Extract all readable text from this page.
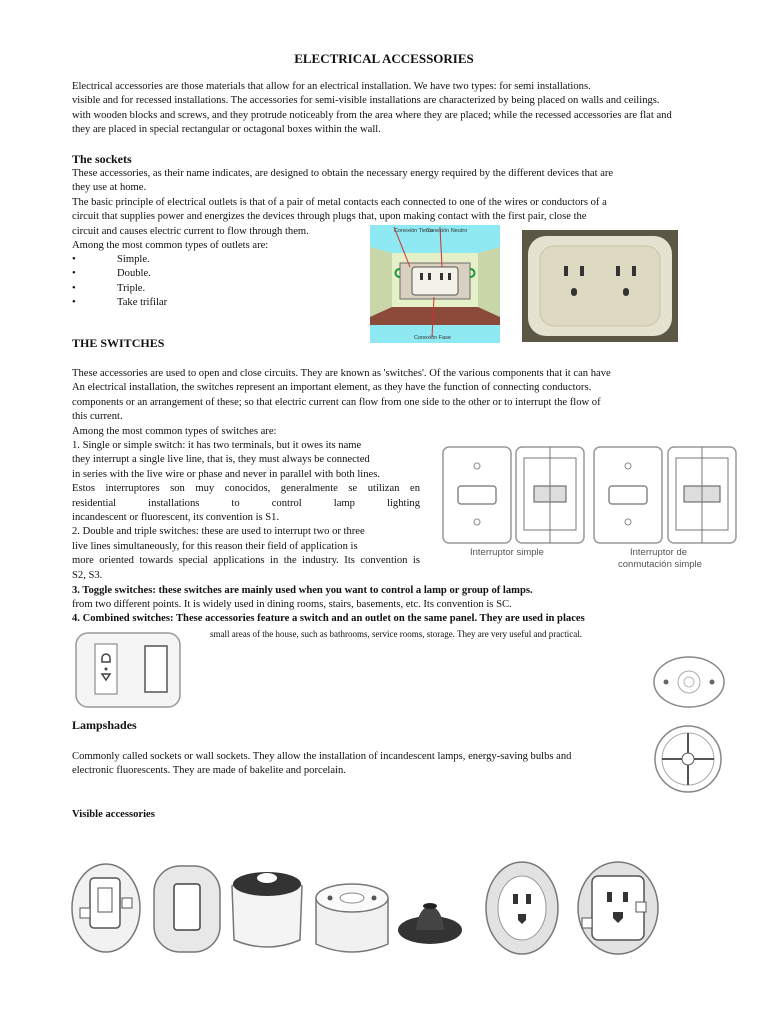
ELECTRICAL ACCESSORIES
Electrical accessories are those materials that allow for an electrical installation. We have two types: for semi installations.
visible and for recessed installations. The accessories for semi-visible installations are characterized by being placed on walls and ceilings.
with wooden blocks and screws, and they protrude noticeably from the area where they are placed; while the recessed accessories are flat and
they are placed in special rectangular or octagonal boxes within the wall.
The sockets
These accessories, as their name indicates, are designed to obtain the necessary energy required by the different devices that are
they use at home.
The basic principle of electrical outlets is that of a pair of metal contacts each connected to one of the wires or conductors of a
circuit that supplies power and energizes the devices through plugs that, upon making contact with the first pair, close the
circuit and causes electric current to flow through them.
Among the most common types of outlets are:
•	Simple.
•	Double.
•	Triple.
•	Take trifilar
Conexión Tierra
Conexión Neutro
Conexión Fase
THE SWITCHES
These accessories are used to open and close circuits. They are known as 'switches'. Of the various components that it can have
An electrical installation, the switches represent an important element, as they have the function of connecting conductors.
components or an arrangement of these; so that electric current can flow from one side to the other or to interrupt the flow of
this current.
Among the most common types of switches are:
1. Single or simple switch: it has two terminals, but it owes its name
they interrupt a single live line, that is, they must always be connected
in series with the live wire or phase and never in parallel with both lines.
Estos interruptores son muy conocidos, generalmente se utilizan en
residential installations to control lamp lighting
incandescent or fluorescent, its convention is S1.
2. Double and triple switches: these are used to interrupt two or three
live lines simultaneously, for this reason their field of application is
more oriented towards special applications in the industry. Its convention is
S2, S3.
Interruptor simple	Interruptor de
conmutación simple
3. Toggle switches: these switches are mainly used when you want to control a lamp or group of lamps.
from two different points. It is widely used in dining rooms, stairs, basements, etc. Its convention is SC.
4. Combined switches: These accessories feature a switch and an outlet on the same panel. They are used in places
small areas of the house, such as bathrooms, service rooms, storage. They are very useful and practical.
Lampshades
Commonly called sockets or wall sockets. They allow the installation of incandescent lamps, energy-saving bulbs and
electronic fluorescents. They are made of bakelite and porcelain.
Visible accessories
